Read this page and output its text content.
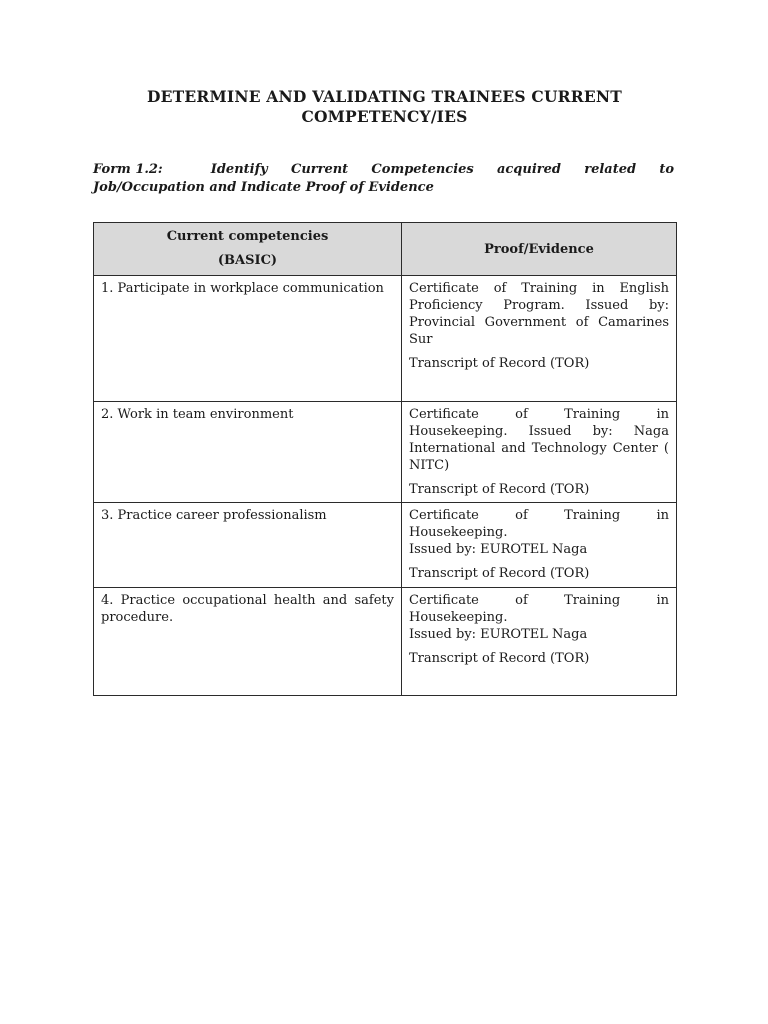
DETERMINE AND VALIDATING TRAINEES CURRENT
COMPETENCY/IES
Form 1.2:	Identify Current Competencies acquired related to
Job/Occupation and Indicate Proof of Evidence
Current competencies
(BASIC)	Proof/Evidence

1. Participate in workplace communication	Certificate of Training in English Proficiency Program. Issued by: Provincial Government of Camarines Sur
Transcript of Record (TOR)

2. Work in team environment	Certificate of Training in
Housekeeping. Issued by: Naga International and Technology Center ( NITC)
Transcript of Record (TOR)

3. Practice career professionalism	Certificate of Training in
Housekeeping.
Issued by: EUROTEL Naga
Transcript of Record (TOR)

4. Practice occupational health and safety procedure.	Certificate of Training in
Housekeeping.
Issued by: EUROTEL Naga
Transcript of Record (TOR)
